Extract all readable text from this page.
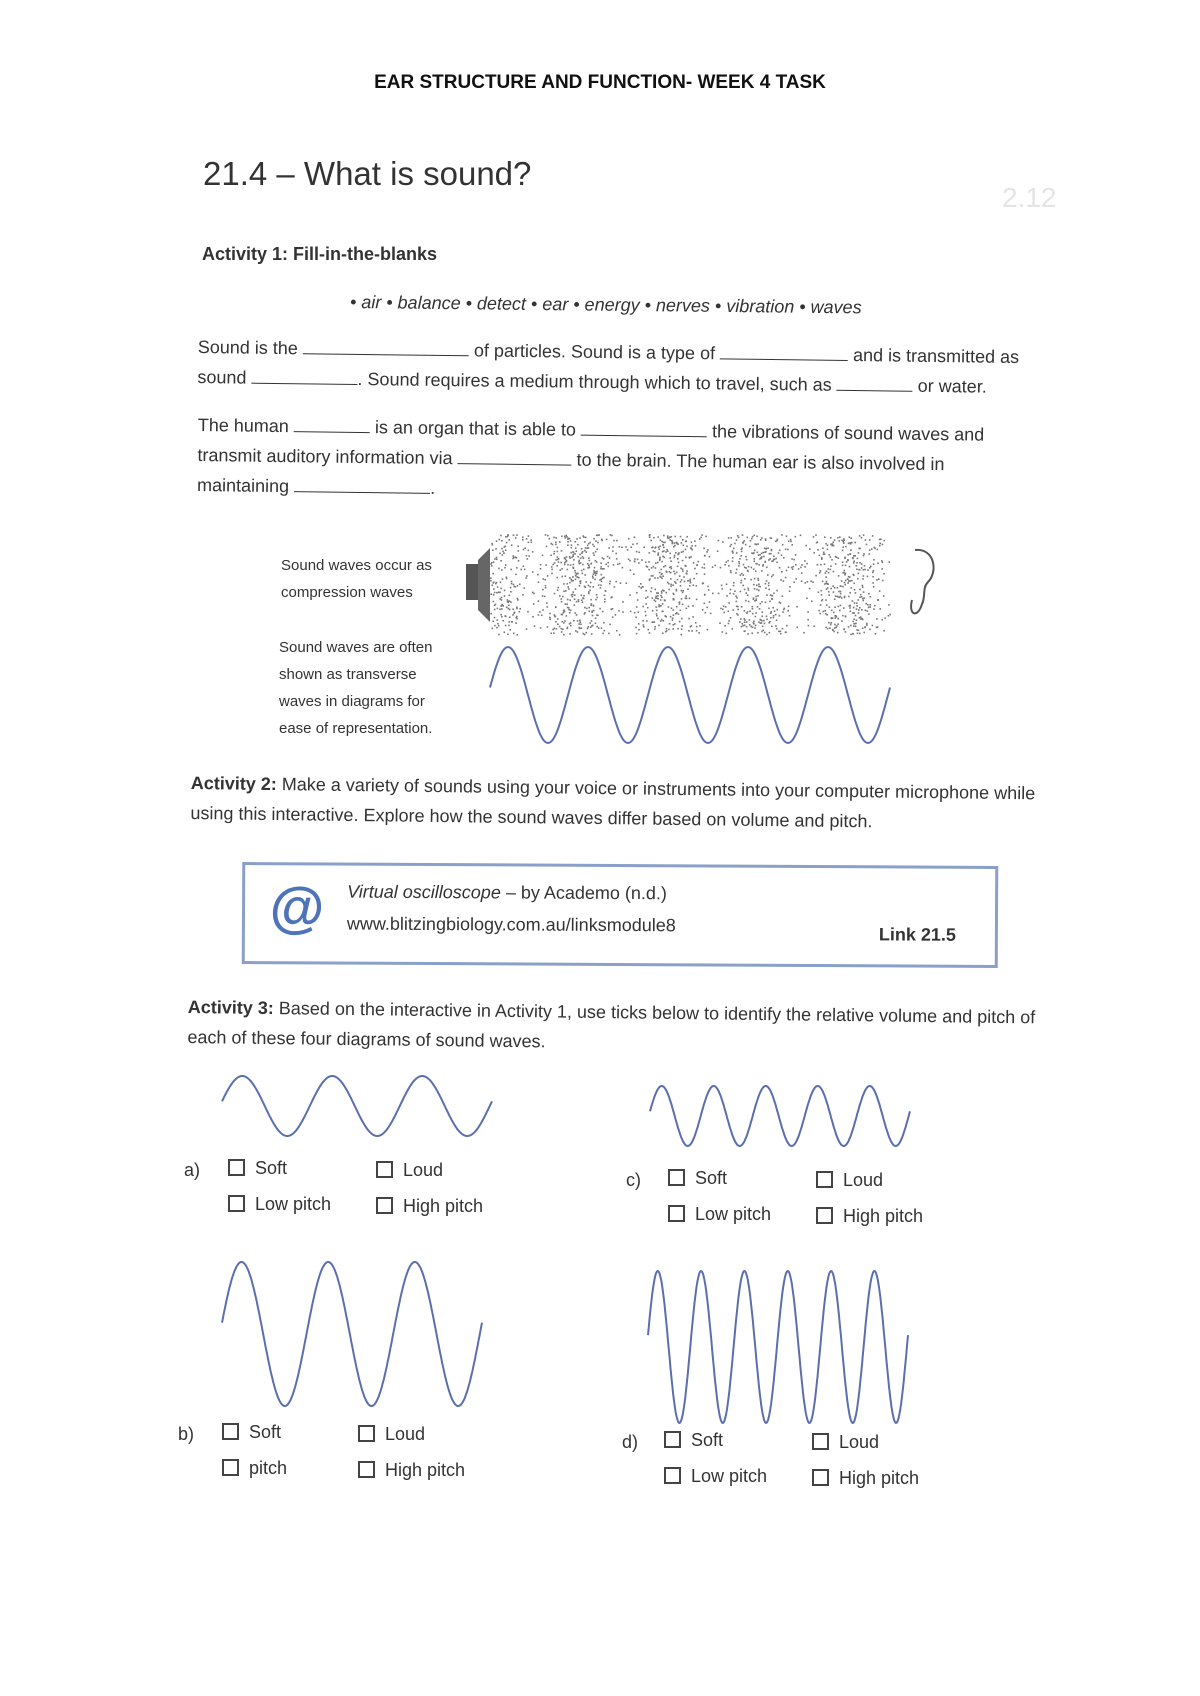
EAR STRUCTURE AND FUNCTION- WEEK 4 TASK
21.4 – What is sound?
2.12
Activity 1: Fill-in-the-blanks
• air • balance • detect • ear • energy • nerves • vibration • waves
Sound is the	of particles. Sound is a type of	and is transmitted as
sound	. Sound requires a medium through which to travel, such as	or water.
The human	is an organ that is able to	the vibrations of sound waves and
transmit auditory information via	to the brain. The human ear is also involved in
maintaining	.
Sound waves occur as
compression waves
Sound waves are often
shown as transverse
waves in diagrams for
ease of representation.
Activity 2: Make a variety of sounds using your voice or instruments into your computer microphone while using this interactive. Explore how the sound waves differ based on volume and pitch.
@ Virtual oscilloscope – by Academo (n.d.)
www.blitzingbiology.com.au/linksmodule8	Link 21.5
Activity 3: Based on the interactive in Activity 1, use ticks below to identify the relative volume and pitch of each of these four diagrams of sound waves.
a)	Soft	Loud
Low pitch	High pitch
c)	Soft	Loud
Low pitch	High pitch
b)	Soft	Loud
pitch	High pitch
d)	Soft	Loud
Low pitch	High pitch
